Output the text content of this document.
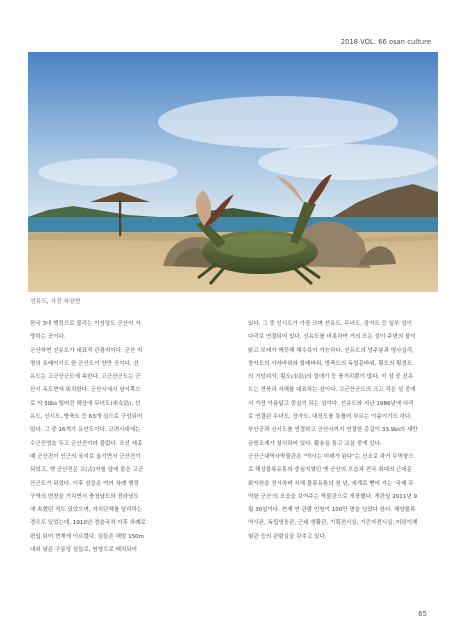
2018 VOL. 66 osan culture
선유도, 사진 차상현
한국 3대 뱅킹으로 불리는 이성당도 군산이 자
랑하는 곳이다.
군산하면 선유도가 대표적 관광지이다. 군산 지
명의 유래이기도 한 군산도이 양만 곳이다. 선
유도는 고군산군도에 속한다. 고군산군도는 군
산시 옥도면에 위치한다. 군산시에서 남서쪽으
로 약 50㎞ 떨어진 해상에 무녀도(巫女島), 선
유도, 신시도, 방축도 등 63개 섬으로 구성되어
있다. 그 중 16개가 유인도이다. 고려시대에는
수군진영을 두고 군산진이라 불렀다. 조선 세종
때 군산진이 인근의 육지로 옮기면서 군산진이
되었고, 옛 군산진은 고(古)자를 앞에 붙은 고군
산군도가 되었다. 이후 섬들은 여러 차례 행정
구역의 변천을 거치면서 충청남도와 전라남도
에 속했던 적도 있었으며, 자치단체를 달리하는
경우도 있었는데, 1910년 경술국치 이후 차례로
편입 되어 현재에 이르렀다. 섬들은 해발 150m
내외 낮은 구릉성 섬들로, 원형으로 배치되어
있다. 그 중 신시도가 가장 크며 선유도, 무녀도, 장자도 등 일부 섬이
다리로 연결되어 있다. 선유도를 비롯하여 거의 모든 섬이 주변의 물이
맑고 모래가 깨끗해 해수욕이 가능하다. 선유도의 망주봉과 명사십리,
장자도의 사자바위와 할매바위, 방축도의 독립문바위, 횡도의 횡경도
의 기암괴석, 횡도(水島)의 절애기 등 풍거리뿐이 많다. 이 섬 중 선유
도는 전북과 서해를 대표하는 섬이다. 고군산군도의 크고 작은 섬 중에
서 가장 아름답고 중심이 되는 섬이다. 선유도와 지난 1986년에 다리
로 연결된 무녀도, 장자도, 대장도를 통틀어 부르는 이름이기도 하다.
부안군과 신시도를 연결하고 군산시까지 연결한 총길이 33.9㎞의 새만
금방조제가 설치되어 있다. 활용을 통고 교섬 중에 있다.
군산근대역사박물관은 "역사는 미래가 된다"는 신조로 과거 무역항으
로 해상물류유통의 중심지였던 옛 군산의 모습과 전국 최대의 근대문
화자원을 전시하며 서해 물류유통의 천 년, 세계로 뻗어 가는 '국제 무
역항 군산'의 모습을 보여주는 박물관으로 개장했다. 개관일 2011년 9
월 30일이다. 현재 연 관람 인원이 100만 명을 넘었다 한다. 해양물류
역사관, 독립영웅관, 근대 생활관, 기획전시실, 기증자전시실, 어린이체
험관 등의 관람실을 갖추고 있다.
65
